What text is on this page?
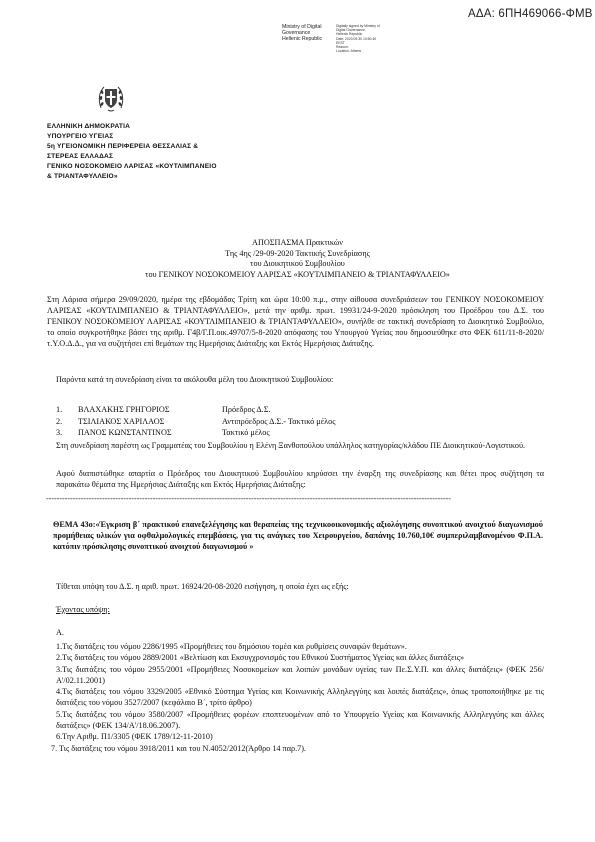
ΑΔΑ: 6ΠΗ469066-ΦΜΒ
Ministry of Digital
Governance
Hellenic Republic
Digitally signed by Ministry of
Digital Governance,
Hellenic Republic
Date: 2020.09.30 10:50:40
EEST
Reason:
Location: Athens
ΕΛΛΗΝΙΚΗ ΔΗΜΟΚΡΑΤΙΑ
ΥΠΟΥΡΓΕΙΟ ΥΓΕΙΑΣ
5η ΥΓΕΙΟΝΟΜΙΚΗ ΠΕΡΙΦΕΡΕΙΑ ΘΕΣΣΑΛΙΑΣ &
ΣΤΕΡΕΑΣ ΕΛΛΑΔΑΣ
ΓΕΝΙΚΟ ΝΟΣΟΚΟΜΕΙΟ ΛΑΡΙΣΑΣ «ΚΟΥΤΛΙΜΠΑΝΕΙΟ
& ΤΡΙΑΝΤΑΦΥΛΛΕΙΟ»
ΑΠΟΣΠΑΣΜΑ Πρακτικών
Της 4ης /29-09-2020 Τακτικής Συνεδρίασης
του Διοικητικού Συμβουλίου
του ΓΕΝΙΚΟΥ ΝΟΣΟΚΟΜΕΙΟΥ ΛΑΡΙΣΑΣ «ΚΟΥΤΛΙΜΠΑΝΕΙΟ & ΤΡΙΑΝΤΑΦΥΛΛΕΙΟ»
Στη Λάρισα σήμερα 29/09/2020, ημέρα της εβδομάδας Τρίτη και ώρα 10:00 π.μ., στην αίθουσα συνεδριάσεων του ΓΕΝΙΚΟΥ ΝΟΣΟΚΟΜΕΙΟΥ ΛΑΡΙΣΑΣ «ΚΟΥΤΛΙΜΠΑΝΕΙΟ & ΤΡΙΑΝΤΑΦΥΛΛΕΙΟ», μετά την αριθμ. πρωτ. 19931/24-9-2020 πρόσκληση του Προέδρου του Δ.Σ. του ΓΕΝΙΚΟΥ ΝΟΣΟΚΟΜΕΙΟΥ ΛΑΡΙΣΑΣ «ΚΟΥΤΛΙΜΠΑΝΕΙΟ & ΤΡΙΑΝΤΑΦΥΛΛΕΙΟ», συνήλθε σε τακτική συνεδρίαση το Διοικητικό Συμβούλιο, το οποίο συγκροτήθηκε βάσει της αριθμ. Γ4β/Γ.Π.οικ.49707/5-8-2020 απόφασης του Υπουργού Υγείας που δημοσιεύθηκε στο ΦΕΚ 611/11-8-2020/τ.Υ.Ο.Δ.Δ., για να συζητήσει επί θεμάτων της Ημερήσιας Διάταξης και Εκτός Ημερήσιας Διάταξης.
Παρόντα κατά τη συνεδρίαση είναι τα ακόλουθα μέλη του Διοικητικού Συμβουλίου:
1. ΒΛΑΧΑΚΗΣ ΓΡΗΓΟΡΙΟΣ	Πρόεδρος Δ.Σ.
2. ΤΣΙΛΙΑΚΟΣ ΧΑΡΙΛΑΟΣ	Αντιπρόεδρος Δ.Σ.- Τακτικό μέλος
3. ΠΑΝΟΣ ΚΩΝΣΤΑΝΤΙΝΟΣ	Τακτικό μέλος
Στη συνεδρίαση παρέστη ως Γραμματέας του Συμβουλίου η Ελένη Ξανθοπούλου υπάλληλος κατηγορίας/κλάδου ΠΕ Διοικητικού-Λογιστικού.
Αφού διαπιστώθηκε απαρτία ο Πρόεδρος του Διοικητικού Συμβουλίου κηρύσσει την έναρξη της συνεδρίασης και θέτει προς συζήτηση τα παρακάτω θέματα της Ημερήσιας Διάταξης και Εκτός Ημερήσιας Διάταξης:
--------------------------------------------------------------------------------------------------------------------------------------------------------
ΘΕΜΑ 43ο:«Έγκριση β΄ πρακτικού επανεξελέγησης και θεραπείας της τεχνικοοικονομικής αξιολόγησης συνοπτικού ανοιχτού διαγωνισμού προμήθειας υλικών για οφθαλμολογικές επεμβάσεις, για τις ανάγκες του Χειρουργείου, δαπάνης 10.760,10€ συμπεριλαμβανομένου Φ.Π.Α. κατόπιν πρόσκλησης συνοπτικού ανοιχτού διαγωνισμού »
Τίθεται υπόψη του Δ.Σ. η αριθ. πρωτ. 16924/20-08-2020 εισήγηση, η οποία έχει ως εξής:
Έχοντας υπόψη:
Α.
1.Τις διατάξεις του νόμου 2286/1995 «Προμήθειες του δημόσιου τομέα και ρυθμίσεις συναφών θεμάτων».
2.Τις διατάξεις του νόμου 2889/2001 «Βελτίωση και Εκσυγχρονισμός του Εθνικού Συστήματος Υγείας και άλλες διατάξεις»
3.Τις διατάξεις του νόμου 2955/2001 «Προμήθειες Νοσοκομείων και λοιπών μονάδων υγείας των Πε.Σ.Υ.Π. και άλλες διατάξεις» (ΦΕΚ 256/Α'/02.11.2001)
4.Τις διατάξεις του νόμου 3329/2005 «Εθνικό Σύστημα Υγείας και Κοινωνικής Αλληλεγγύης και λοιπές διατάξεις», όπως τροποποιήθηκε με τις διατάξεις του νόμου 3527/2007 (κεφάλαιο Β΄, τρίτο άρθρο)
5.Τις διατάξεις του νόμου 3580/2007 «Προμήθειες φορέων εποπτευομένων από το Υπουργείο Υγείας και Κοινωνικής Αλληλεγγύης και άλλες διατάξεις» (ΦΕΚ 134/Α'/18.06.2007).
6.Την Αριθμ. Π1/3305 (ΦΕΚ 1789/12-11-2010)
7. Τις διατάξεις του νόμου 3918/2011 και του Ν.4052/2012(Άρθρο 14 παρ.7).
